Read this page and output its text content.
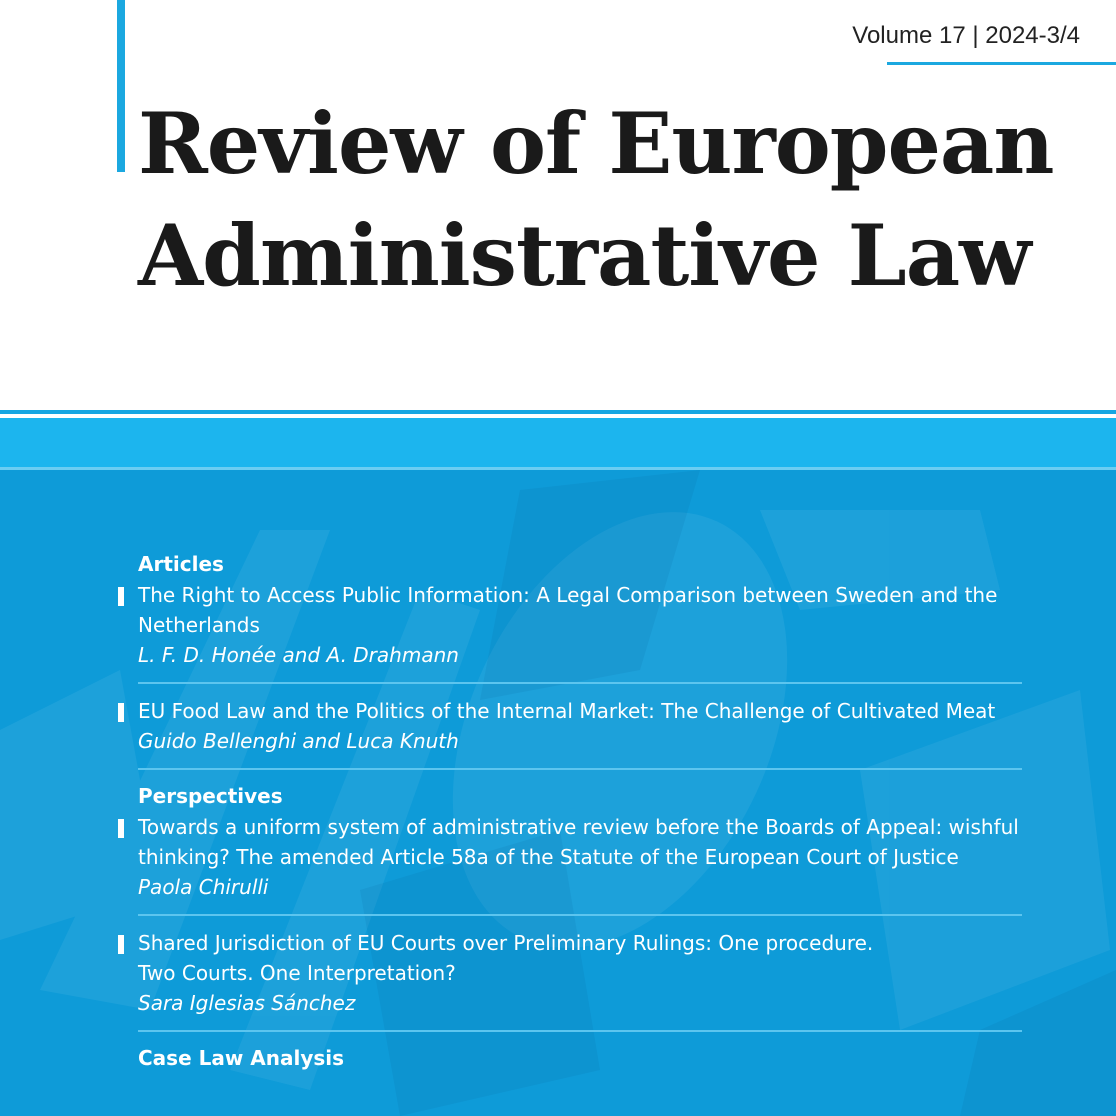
Volume 17 | 2024-3/4
Review of European
Administrative Law
Articles
The Right to Access Public Information: A Legal Comparison between Sweden and the Netherlands
L. F. D. Honée and A. Drahmann
EU Food Law and the Politics of the Internal Market: The Challenge of Cultivated Meat
Guido Bellenghi and Luca Knuth
Perspectives
Towards a uniform system of administrative review before the Boards of Appeal: wishful thinking? The amended Article 58a of the Statute of the European Court of Justice
Paola Chirulli
Shared Jurisdiction of EU Courts over Preliminary Rulings: One procedure.
Two Courts. One Interpretation?
Sara Iglesias Sánchez
Case Law Analysis
